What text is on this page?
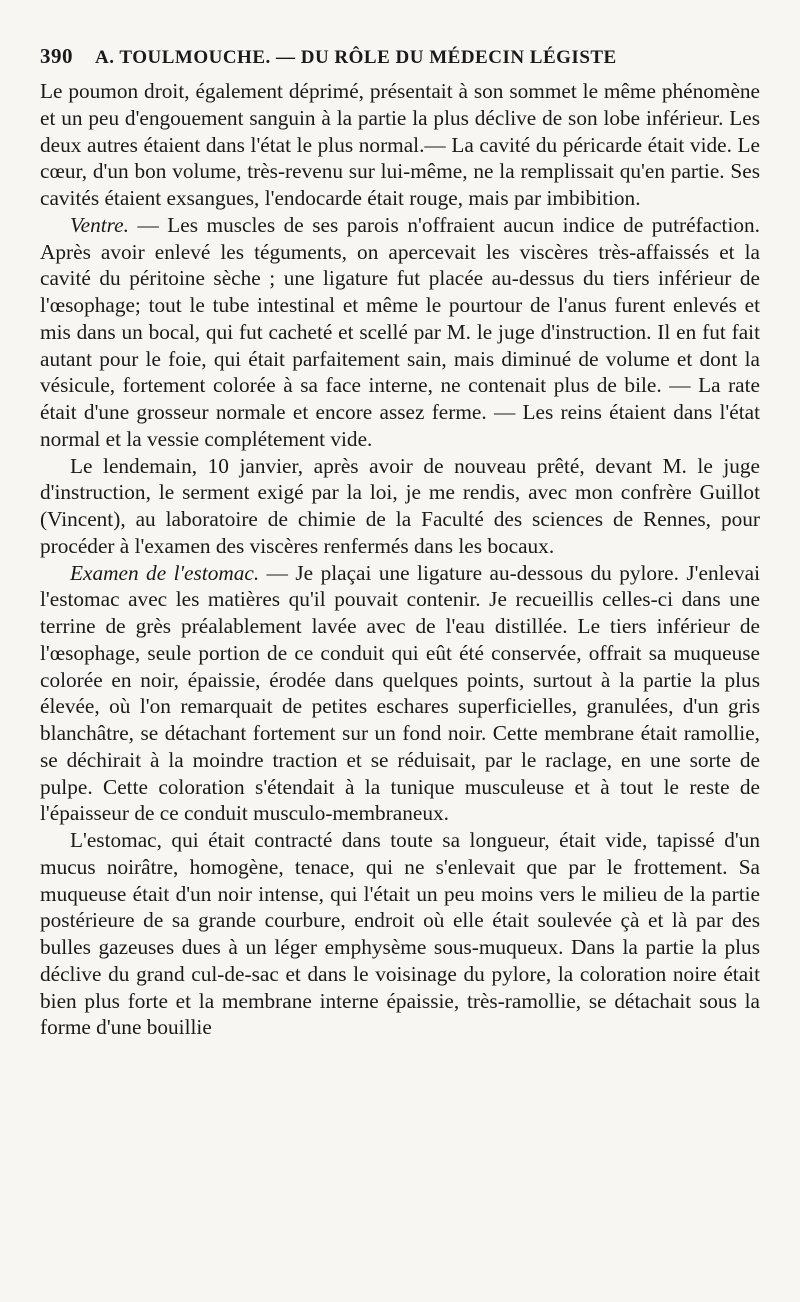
390 A. TOULMOUCHE. — DU RÔLE DU MÉDECIN LÉGISTE

Le poumon droit, également déprimé, présentait à son sommet le même phénomène et un peu d'engouement sanguin à la partie la plus déclive de son lobe inférieur. Les deux autres étaient dans l'état le plus normal.— La cavité du péricarde était vide. Le cœur, d'un bon volume, très-revenu sur lui-même, ne la remplissait qu'en partie. Ses cavités étaient exsangues, l'endocarde était rouge, mais par imbibition.

Ventre. — Les muscles de ses parois n'offraient aucun indice de putréfaction. Après avoir enlevé les téguments, on apercevait les viscères très-affaissés et la cavité du péritoine sèche ; une ligature fut placée au-dessus du tiers inférieur de l'œsophage; tout le tube intestinal et même le pourtour de l'anus furent enlevés et mis dans un bocal, qui fut cacheté et scellé par M. le juge d'instruction. Il en fut fait autant pour le foie, qui était parfaitement sain, mais diminué de volume et dont la vésicule, fortement colorée à sa face interne, ne contenait plus de bile. — La rate était d'une grosseur normale et encore assez ferme. — Les reins étaient dans l'état normal et la vessie complétement vide.

Le lendemain, 10 janvier, après avoir de nouveau prêté, devant M. le juge d'instruction, le serment exigé par la loi, je me rendis, avec mon confrère Guillot (Vincent), au laboratoire de chimie de la Faculté des sciences de Rennes, pour procéder à l'examen des viscères renfermés dans les bocaux.

Examen de l'estomac. — Je plaçai une ligature au-dessous du pylore. J'enlevai l'estomac avec les matières qu'il pouvait contenir. Je recueillis celles-ci dans une terrine de grès préalablement lavée avec de l'eau distillée. Le tiers inférieur de l'œsophage, seule portion de ce conduit qui eût été conservée, offrait sa muqueuse colorée en noir, épaissie, érodée dans quelques points, surtout à la partie la plus élevée, où l'on remarquait de petites eschares superficielles, granulées, d'un gris blanchâtre, se détachant fortement sur un fond noir. Cette membrane était ramollie, se déchirait à la moindre traction et se réduisait, par le raclage, en une sorte de pulpe. Cette coloration s'étendait à la tunique musculeuse et à tout le reste de l'épaisseur de ce conduit musculo-membraneux.

L'estomac, qui était contracté dans toute sa longueur, était vide, tapissé d'un mucus noirâtre, homogène, tenace, qui ne s'enlevait que par le frottement. Sa muqueuse était d'un noir intense, qui l'était un peu moins vers le milieu de la partie postérieure de sa grande courbure, endroit où elle était soulevée çà et là par des bulles gazeuses dues à un léger emphysème sous-muqueux. Dans la partie la plus déclive du grand cul-de-sac et dans le voisinage du pylore, la coloration noire était bien plus forte et la membrane interne épaissie, très-ramollie, se détachait sous la forme d'une bouillie
